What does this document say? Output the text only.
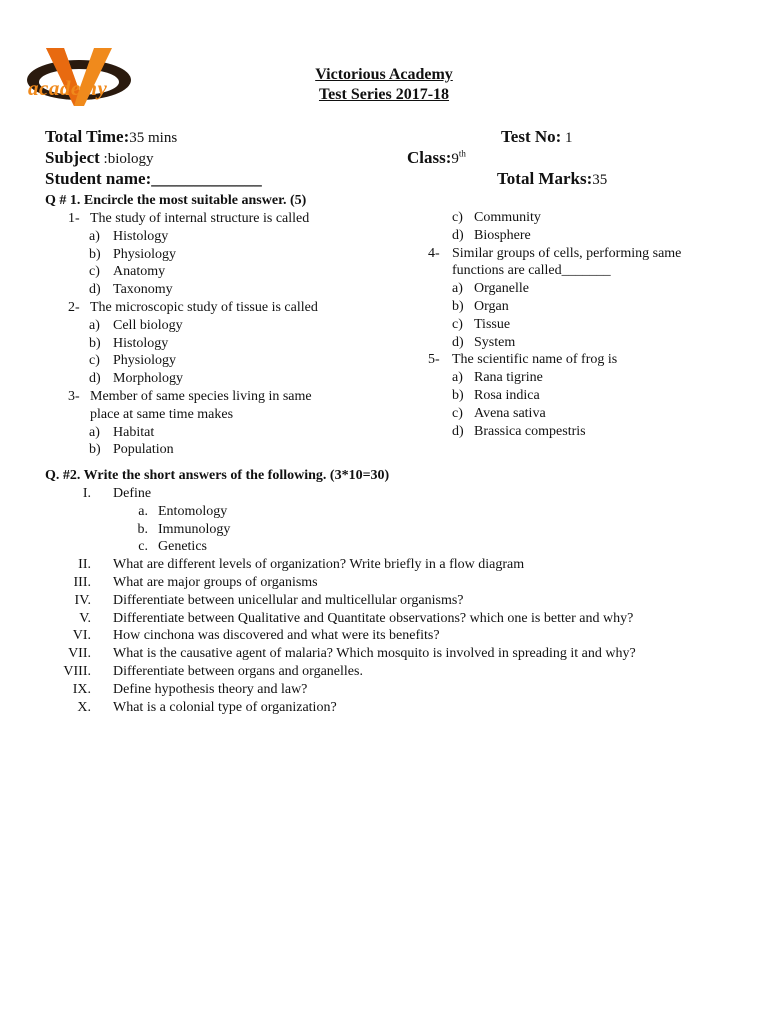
academy
Victorious Academy
Test Series 2017-18
Total Time:35 mins	Test No: 1
Subject :biology	Class:9th
Student name:_____________	Total Marks:35
Q # 1. Encircle the most suitable answer. (5)
1- The study of internal structure is called
a) Histology
b) Physiology
c) Anatomy
d) Taxonomy
2- The microscopic study of tissue is called
a) Cell biology
b) Histology
c) Physiology
d) Morphology
3- Member of same species living in same
place at same time makes
a) Habitat
b) Population
c) Community
d) Biosphere
4- Similar groups of cells, performing same
functions are called_______
a) Organelle
b) Organ
c) Tissue
d) System
5- The scientific name of frog is
a) Rana tigrine
b) Rosa indica
c) Avena sativa
d) Brassica compestris
Q. #2. Write the short answers of the following. (3*10=30)
I. Define
a. Entomology
b. Immunology
c. Genetics
II. What are different levels of organization? Write briefly in a flow diagram
III. What are major groups of organisms
IV. Differentiate between unicellular and multicellular organisms?
V. Differentiate between Qualitative and Quantitate observations? which one is better and why?
VI. How cinchona was discovered and what were its benefits?
VII. What is the causative agent of malaria? Which mosquito is involved in spreading it and why?
VIII. Differentiate between organs and organelles.
IX. Define hypothesis theory and law?
X. What is a colonial type of organization?
